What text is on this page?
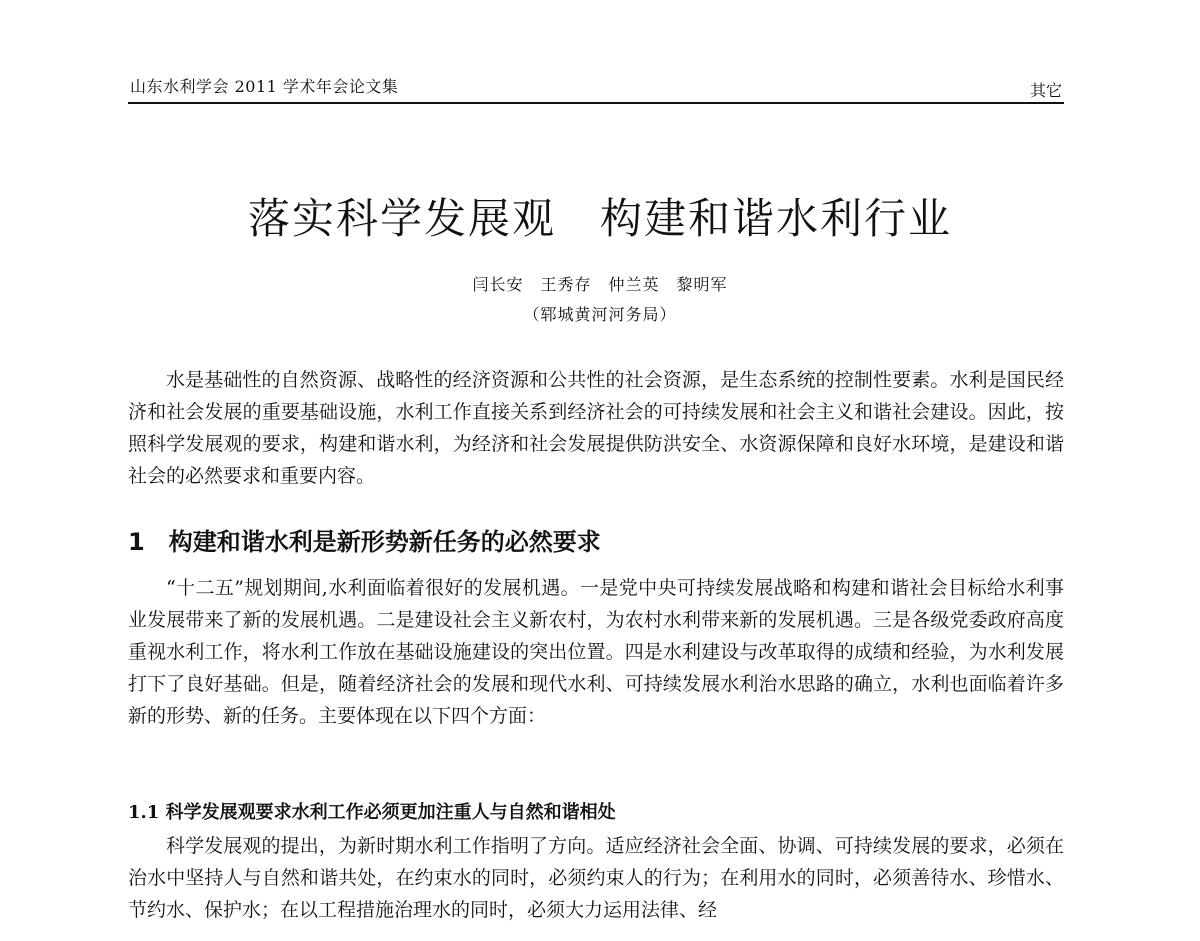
山东水利学会 2011 学术年会论文集	其它
落实科学发展观　构建和谐水利行业
闫长安　王秀存　仲兰英　黎明军
（郓城黄河河务局）

水是基础性的自然资源、战略性的经济资源和公共性的社会资源，是生态系统的控制性要素。水利是国民经济和社会发展的重要基础设施，水利工作直接关系到经济社会的可持续发展和社会主义和谐社会建设。因此，按照科学发展观的要求，构建和谐水利，为经济和社会发展提供防洪安全、水资源保障和良好水环境，是建设和谐社会的必然要求和重要内容。

1　构建和谐水利是新形势新任务的必然要求

“十二五”规划期间,水利面临着很好的发展机遇。一是党中央可持续发展战略和构建和谐社会目标给水利事业发展带来了新的发展机遇。二是建设社会主义新农村，为农村水利带来新的发展机遇。三是各级党委政府高度重视水利工作，将水利工作放在基础设施建设的突出位置。四是水利建设与改革取得的成绩和经验，为水利发展打下了良好基础。但是，随着经济社会的发展和现代水利、可持续发展水利治水思路的确立，水利也面临着许多新的形势、新的任务。主要体现在以下四个方面：

1.1 科学发展观要求水利工作必须更加注重人与自然和谐相处

科学发展观的提出，为新时期水利工作指明了方向。适应经济社会全面、协调、可持续发展的要求，必须在治水中坚持人与自然和谐共处，在约束水的同时，必须约束人的行为；在利用水的同时，必须善待水、珍惜水、节约水、保护水；在以工程措施治理水的同时，必须大力运用法律、经
